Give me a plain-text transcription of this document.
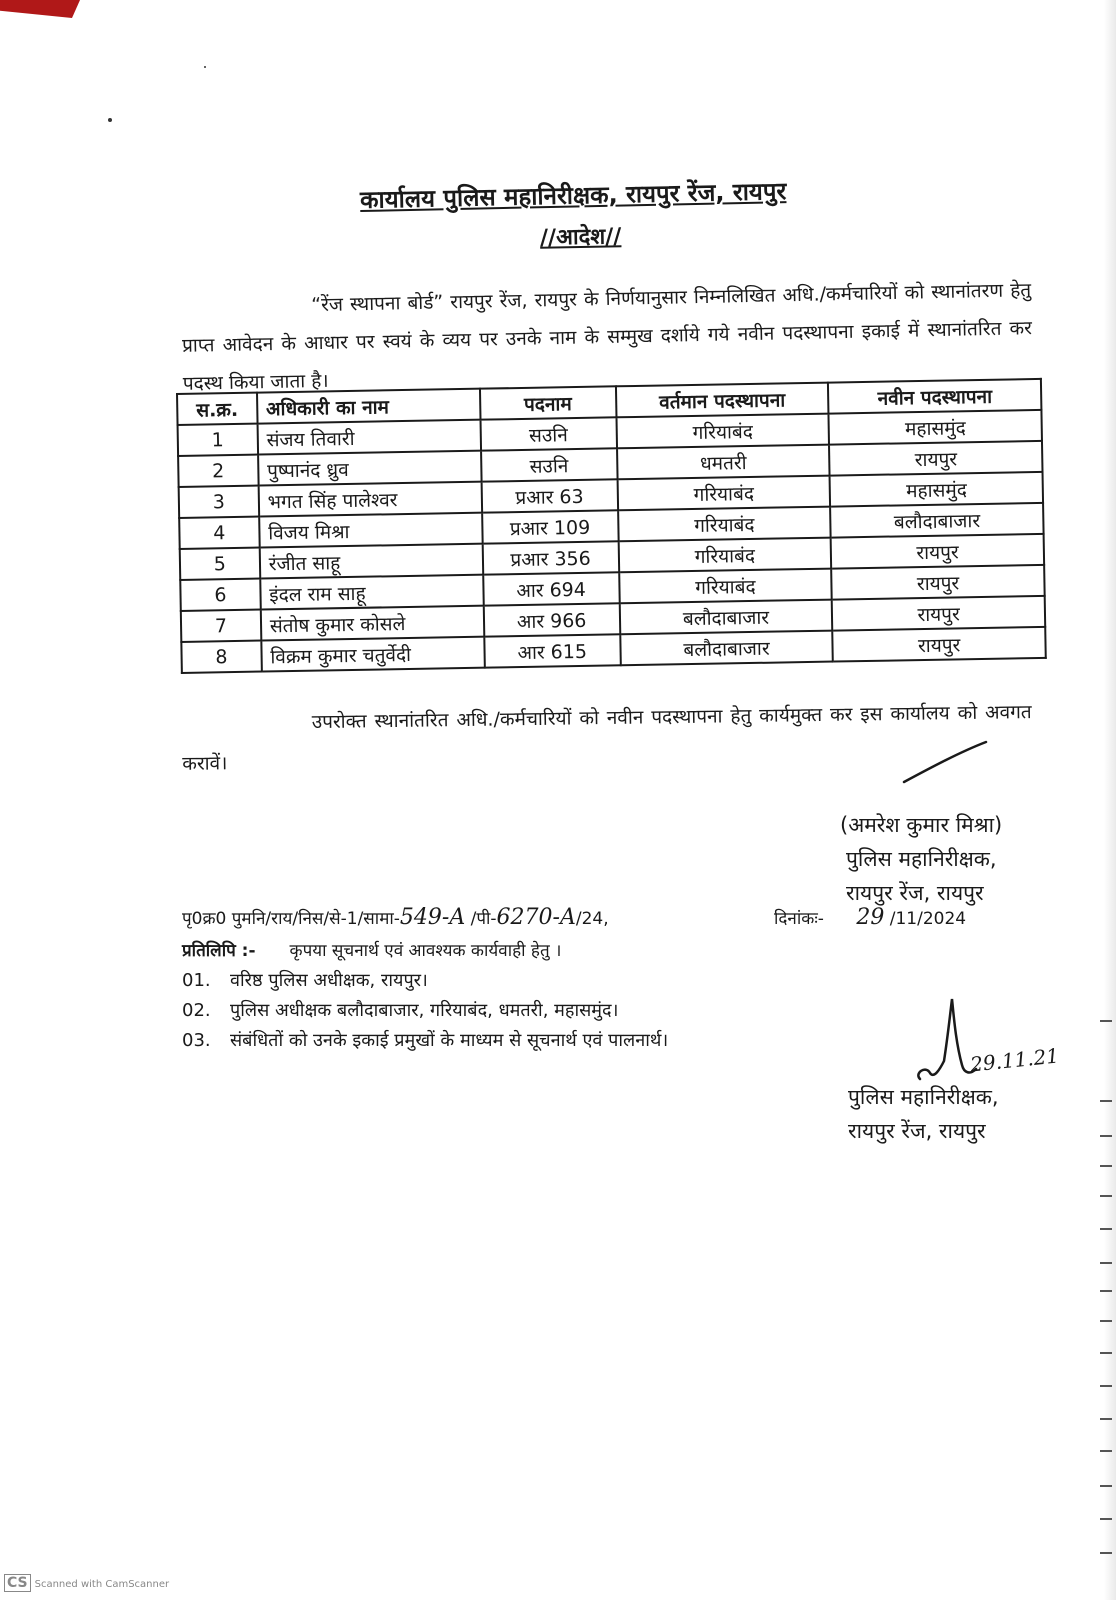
कार्यालय पुलिस महानिरीक्षक, रायपुर रेंज, रायपुर
//आदेश//
“रेंज स्थापना बोर्ड” रायपुर रेंज, रायपुर के निर्णयानुसार निम्नलिखित अधि./कर्मचारियों को स्थानांतरण हेतु प्राप्त आवेदन के आधार पर स्वयं के व्यय पर उनके नाम के सम्मुख दर्शाये गये नवीन पदस्थापना इकाई में स्थानांतरित कर पदस्थ किया जाता है।
स.क्र.	अधिकारी का नाम	पदनाम	वर्तमान पदस्थापना	नवीन पदस्थापना
1	संजय तिवारी	सउनि	गरियाबंद	महासमुंद
2	पुष्पानंद ध्रुव	सउनि	धमतरी	रायपुर
3	भगत सिंह पालेश्वर	प्रआर 63	गरियाबंद	महासमुंद
4	विजय मिश्रा	प्रआर 109	गरियाबंद	बलौदाबाजार
5	रंजीत साहू	प्रआर 356	गरियाबंद	रायपुर
6	इंदल राम साहू	आर 694	गरियाबंद	रायपुर
7	संतोष कुमार कोसले	आर 966	बलौदाबाजार	रायपुर
8	विक्रम कुमार चतुर्वेदी	आर 615	बलौदाबाजार	रायपुर
उपरोक्त स्थानांतरित अधि./कर्मचारियों को नवीन पदस्थापना हेतु कार्यमुक्त कर इस कार्यालय को अवगत करावें।
(अमरेश कुमार मिश्रा)
पुलिस महानिरीक्षक,
रायपुर रेंज, रायपुर
पृ0क्र0 पुमनि/राय/निस/से-1/सामा-549-A /पी-6270-A/24,	दिनांकः- 29 /11/2024
प्रतिलिपि :- कृपया सूचनार्थ एवं आवश्यक कार्यवाही हेतु ।
01. वरिष्ठ पुलिस अधीक्षक, रायपुर।
02. पुलिस अधीक्षक बलौदाबाजार, गरियाबंद, धमतरी, महासमुंद।
03. संबंधितों को उनके इकाई प्रमुखों के माध्यम से सूचनार्थ एवं पालनार्थ।
29.11.21
पुलिस महानिरीक्षक,
रायपुर रेंज, रायपुर
CS Scanned with CamScanner
